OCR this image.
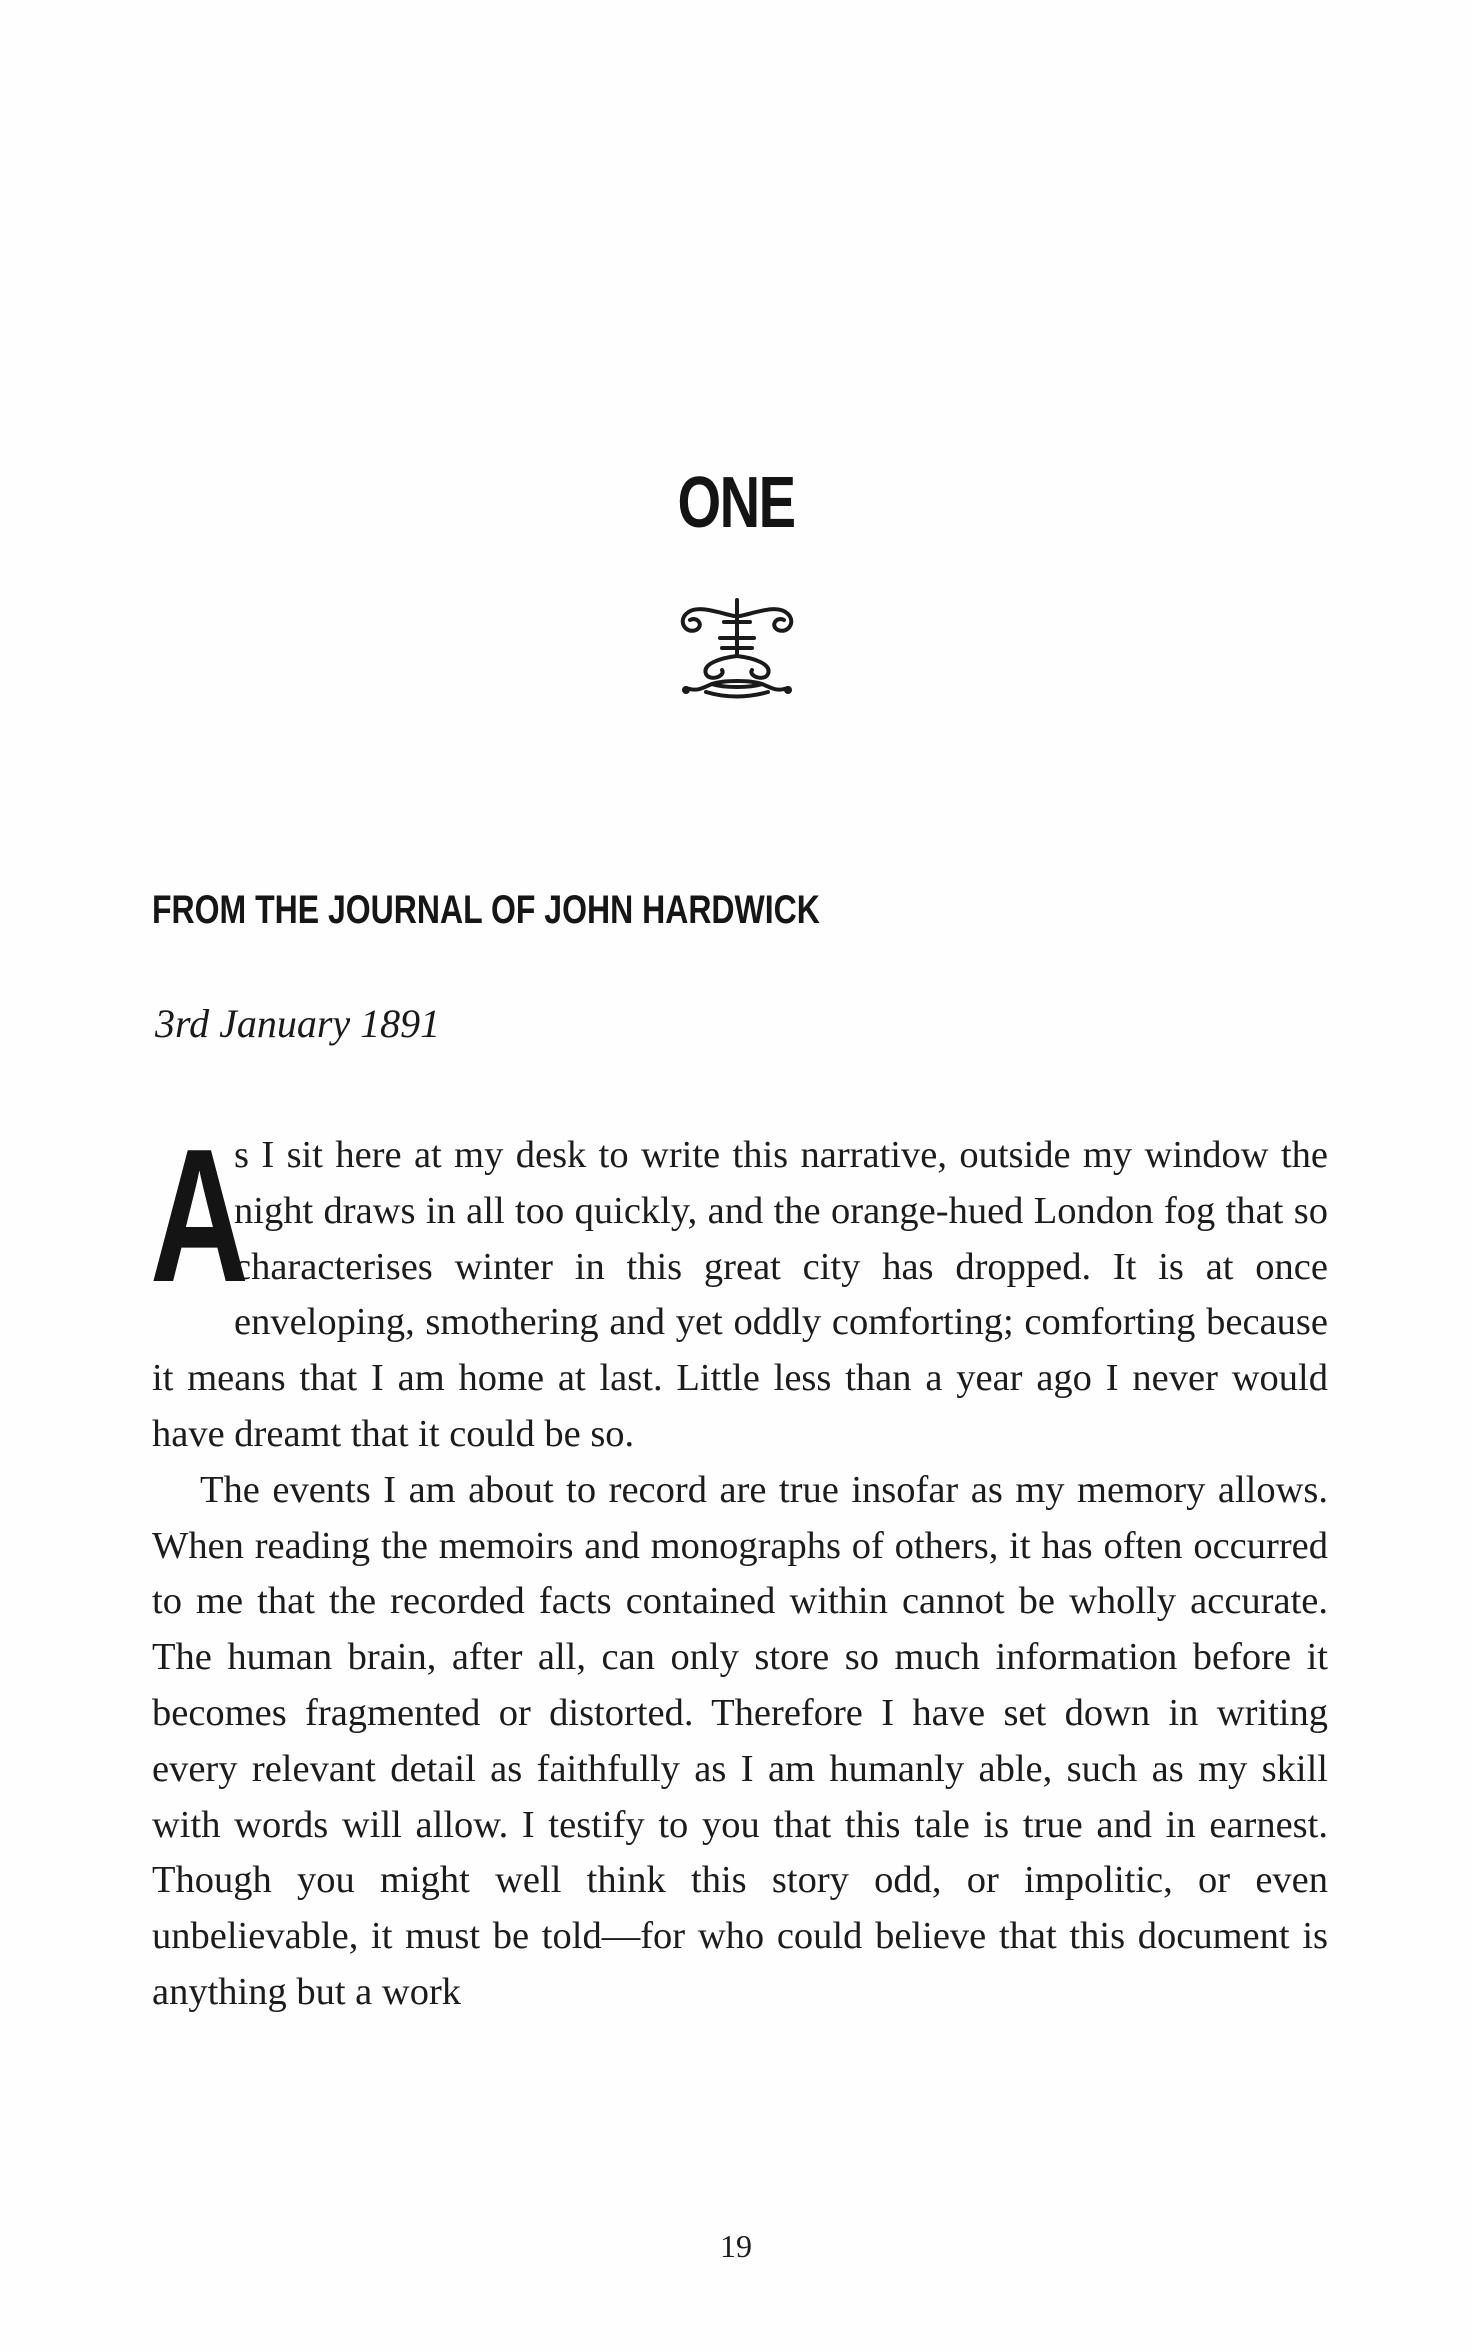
ONE
FROM THE JOURNAL OF JOHN HARDWICK
3rd January 1891

A
s I sit here at my desk to write this narrative, outside my window the night draws in all too quickly, and the orange-hued London fog that so characterises winter in this great city has dropped. It is at once enveloping, smothering and yet oddly comforting; comforting because it means that I am home at last. Little less than a year ago I never would have dreamt that it could be so.

The events I am about to record are true insofar as my memory allows. When reading the memoirs and monographs of others, it has often occurred to me that the recorded facts contained within cannot be wholly accurate. The human brain, after all, can only store so much information before it becomes fragmented or distorted. Therefore I have set down in writing every relevant detail as faithfully as I am humanly able, such as my skill with words will allow. I testify to you that this tale is true and in earnest. Though you might well think this story odd, or impolitic, or even unbelievable, it must be told—for who could believe that this document is anything but a work

19
